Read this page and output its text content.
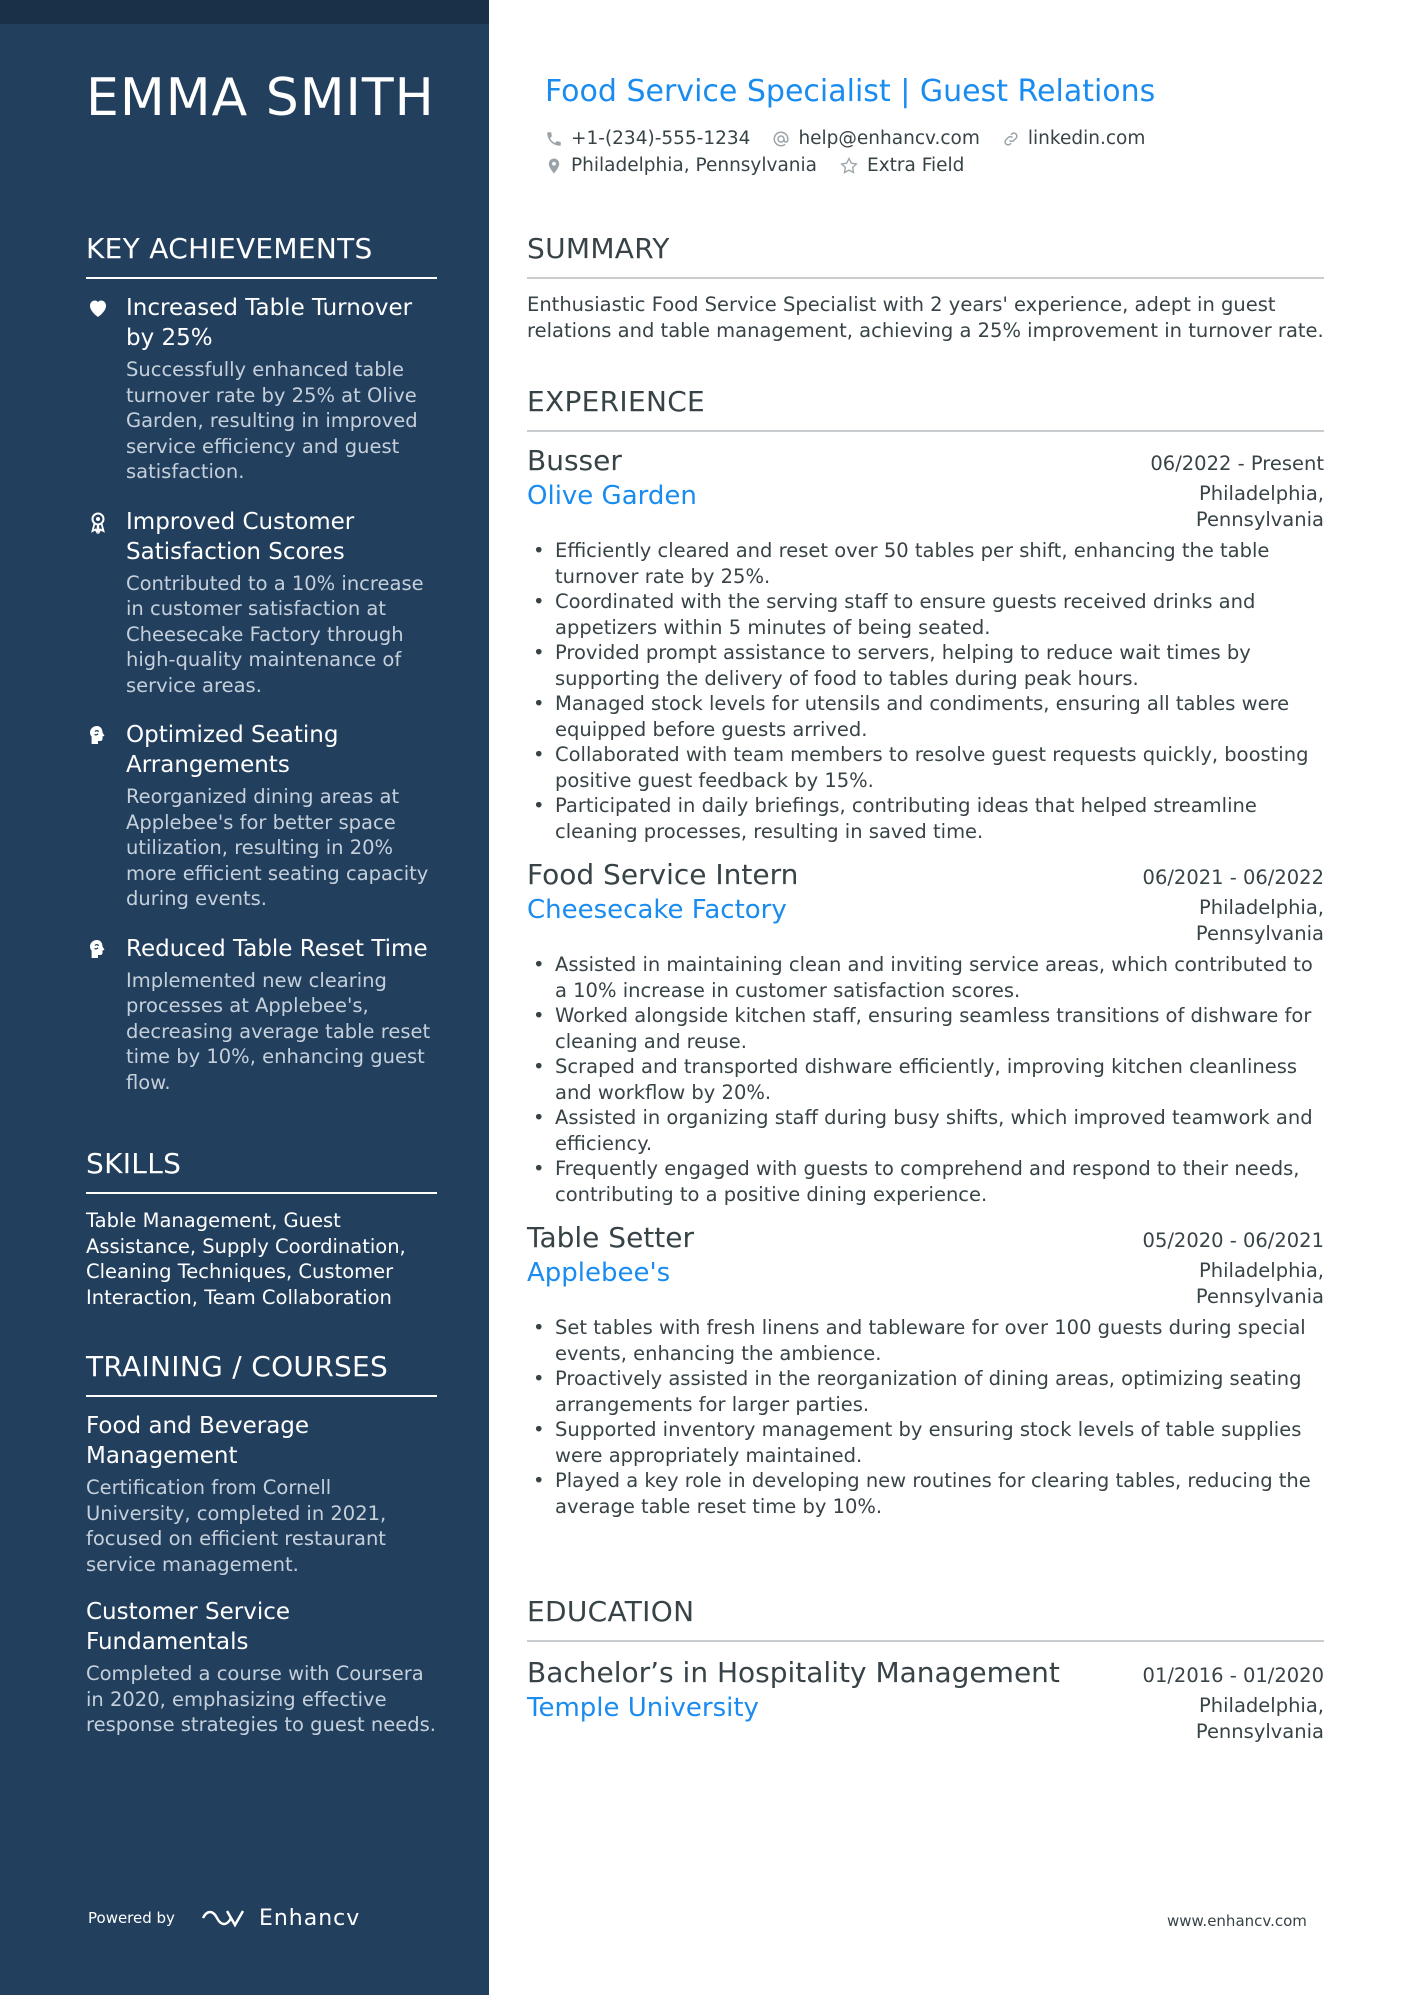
EMMA SMITH
KEY ACHIEVEMENTS
Increased Table Turnover by 25%
Successfully enhanced table turnover rate by 25% at Olive Garden, resulting in improved service efficiency and guest satisfaction.
Improved Customer Satisfaction Scores
Contributed to a 10% increase in customer satisfaction at Cheesecake Factory through high-quality maintenance of service areas.
Optimized Seating Arrangements
Reorganized dining areas at Applebee's for better space utilization, resulting in 20% more efficient seating capacity during events.
Reduced Table Reset Time
Implemented new clearing processes at Applebee's, decreasing average table reset time by 10%, enhancing guest flow.
SKILLS
Table Management, Guest Assistance, Supply Coordination, Cleaning Techniques, Customer Interaction, Team Collaboration
TRAINING / COURSES
Food and Beverage Management
Certification from Cornell University, completed in 2021, focused on efficient restaurant service management.
Customer Service Fundamentals
Completed a course with Coursera in 2020, emphasizing effective response strategies to guest needs.
Powered by	Enhancv
Food Service Specialist | Guest Relations
+1-(234)-555-1234	help@enhancv.com	linkedin.com
Philadelphia, Pennsylvania	Extra Field
SUMMARY
Enthusiastic Food Service Specialist with 2 years' experience, adept in guest relations and table management, achieving a 25% improvement in turnover rate.
EXPERIENCE
Busser	06/2022 - Present
Olive Garden	Philadelphia,
Pennsylvania
• Efficiently cleared and reset over 50 tables per shift, enhancing the table turnover rate by 25%.
• Coordinated with the serving staff to ensure guests received drinks and appetizers within 5 minutes of being seated.
• Provided prompt assistance to servers, helping to reduce wait times by supporting the delivery of food to tables during peak hours.
• Managed stock levels for utensils and condiments, ensuring all tables were equipped before guests arrived.
• Collaborated with team members to resolve guest requests quickly, boosting positive guest feedback by 15%.
• Participated in daily briefings, contributing ideas that helped streamline cleaning processes, resulting in saved time.
Food Service Intern	06/2021 - 06/2022
Cheesecake Factory	Philadelphia,
Pennsylvania
• Assisted in maintaining clean and inviting service areas, which contributed to a 10% increase in customer satisfaction scores.
• Worked alongside kitchen staff, ensuring seamless transitions of dishware for cleaning and reuse.
• Scraped and transported dishware efficiently, improving kitchen cleanliness and workflow by 20%.
• Assisted in organizing staff during busy shifts, which improved teamwork and efficiency.
• Frequently engaged with guests to comprehend and respond to their needs, contributing to a positive dining experience.
Table Setter	05/2020 - 06/2021
Applebee's	Philadelphia,
Pennsylvania
• Set tables with fresh linens and tableware for over 100 guests during special events, enhancing the ambience.
• Proactively assisted in the reorganization of dining areas, optimizing seating arrangements for larger parties.
• Supported inventory management by ensuring stock levels of table supplies were appropriately maintained.
• Played a key role in developing new routines for clearing tables, reducing the average table reset time by 10%.
EDUCATION
Bachelor’s in Hospitality Management	01/2016 - 01/2020
Temple University	Philadelphia,
Pennsylvania
www.enhancv.com
